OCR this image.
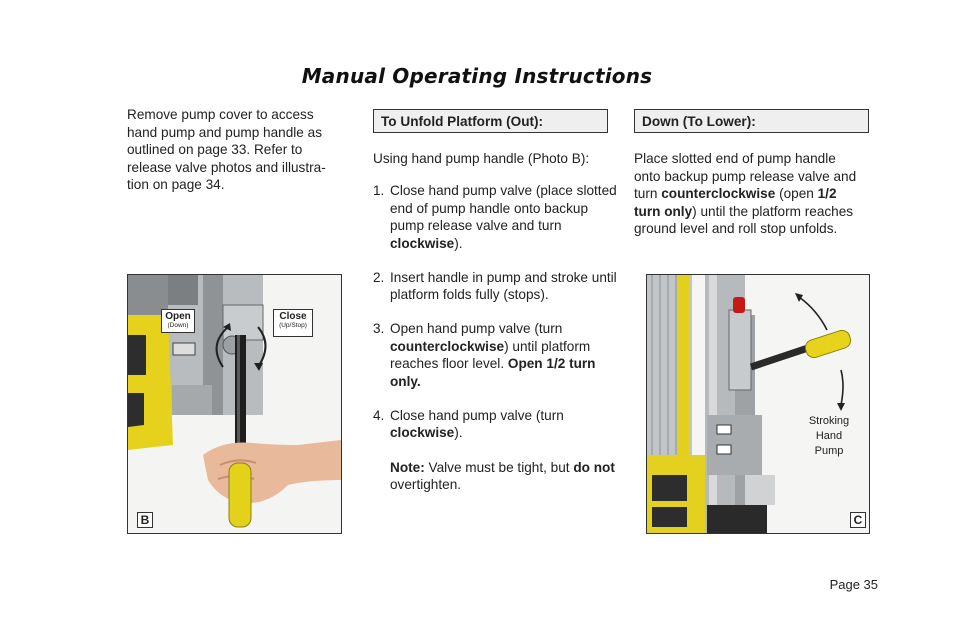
Manual Operating Instructions
Remove pump cover to access
hand pump and pump handle as
outlined on page 33. Refer to
release valve photos and illustra-
tion on page 34.
To Unfold Platform (Out):
Using hand pump handle (Photo B):
1. Close hand pump valve (place slotted end of pump handle onto backup pump release valve and turn clockwise).
2. Insert handle in pump and stroke until platform folds fully (stops).
3. Open hand pump valve (turn counterclockwise) until platform reaches floor level. Open 1/2 turn only.
4. Close hand pump valve (turn clockwise).
Note: Valve must be tight, but do not overtighten.
Down (To Lower):
Place slotted end of pump handle onto backup pump release valve and turn counterclockwise (open 1/2 turn only) until the platform reaches ground level and roll stop unfolds.
Open
(Down)
Close
(Up/Stop)
B
Stroking
Hand
Pump
C
Page 35
